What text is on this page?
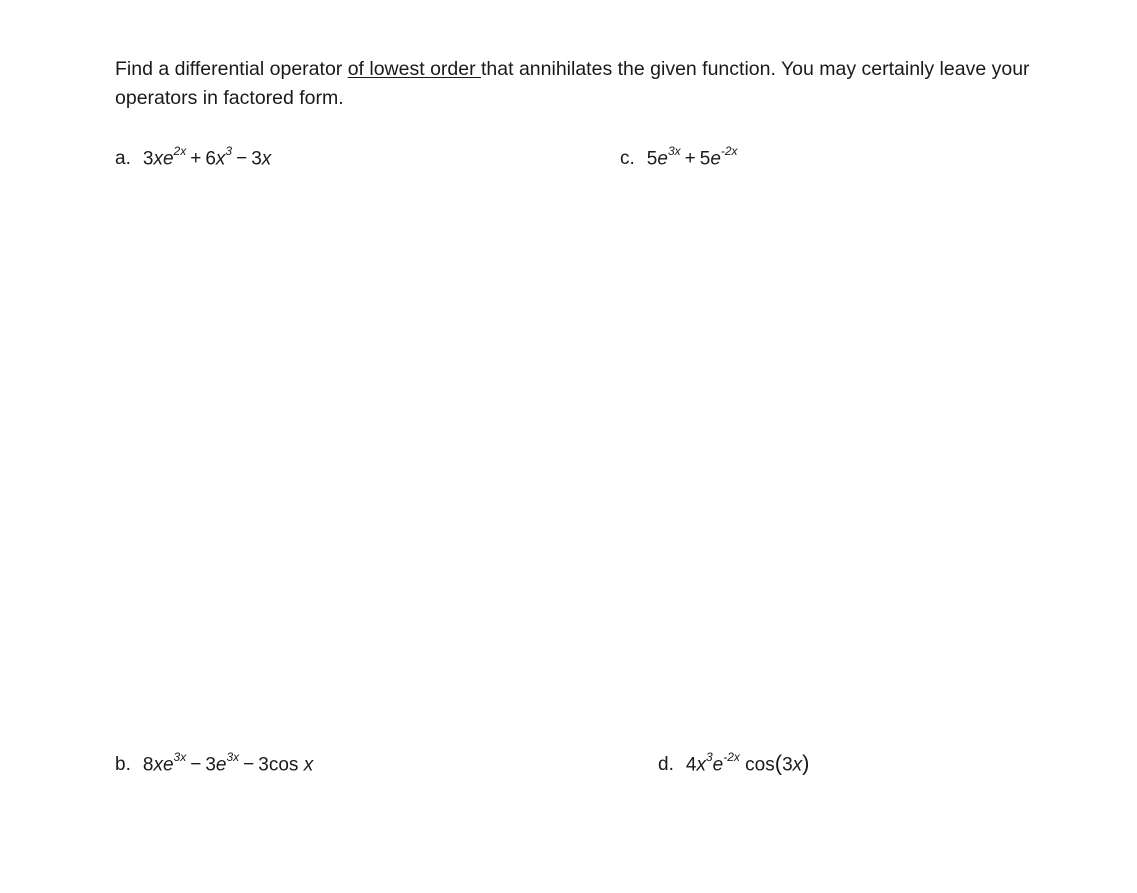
Find a differential operator of lowest order that annihilates the given function. You may certainly leave your operators in factored form.

a. $3xe^{2x} + 6x^3 - 3x$	c. $5e^{3x} + 5e^{-2x}$
b. $8xe^{3x} - 3e^{3x} - 3\cos$ x	d. $4x^3e^{-2x}$ cos(3x)
